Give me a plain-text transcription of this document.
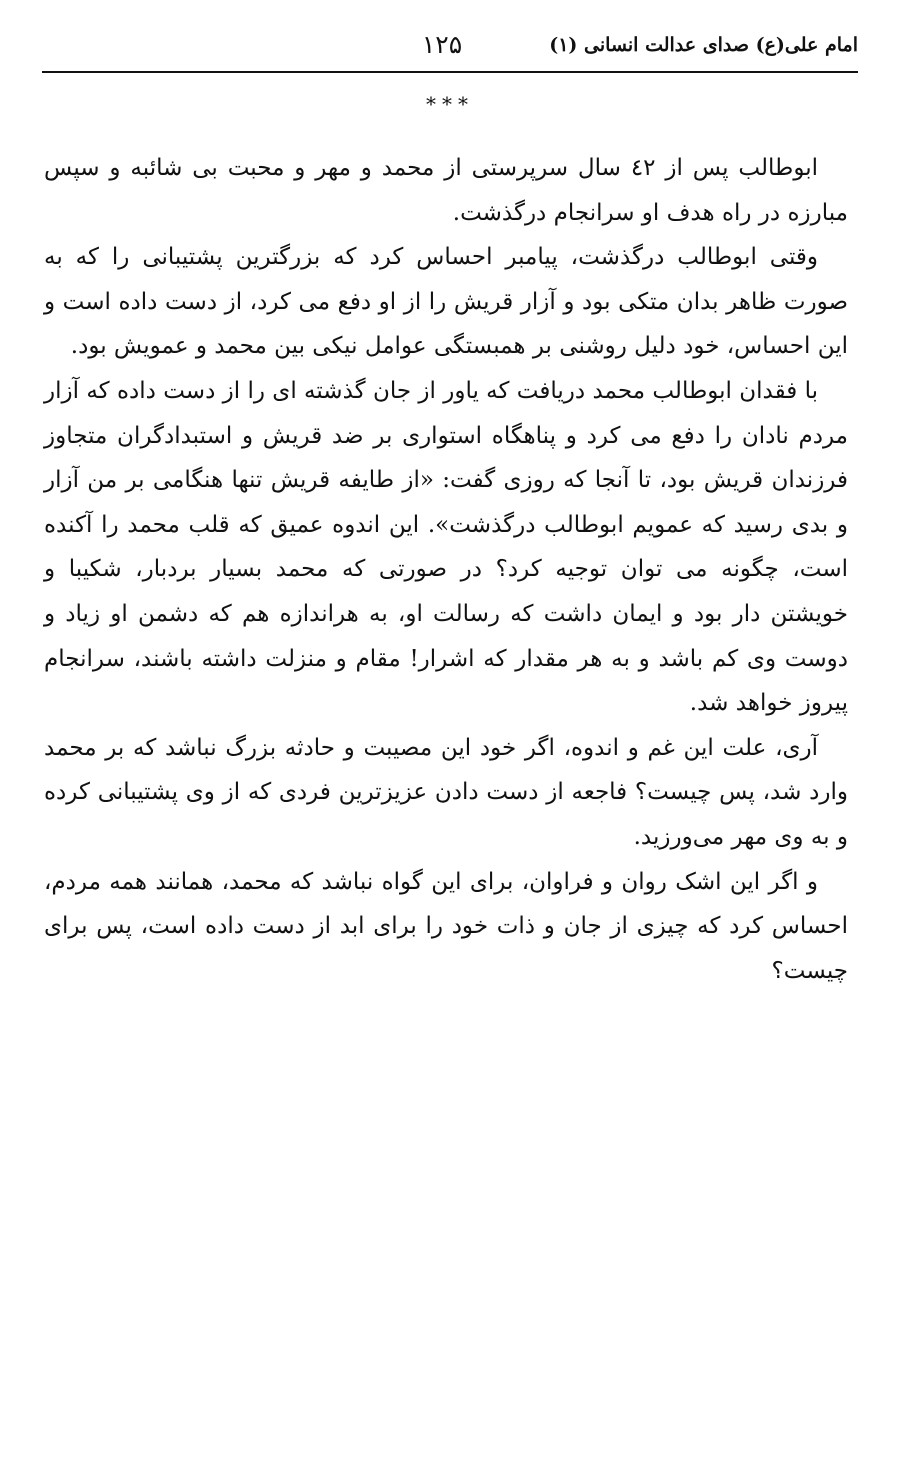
امام علی(ع) صدای عدالت انسانی (۱)
۱۲۵
***

ابوطالب پس از ٤٢ سال سرپرستی از محمد و مهر و محبت بی شائبه و سپس مبارزه در راه هدف او سرانجام درگذشت.

وقتی ابوطالب درگذشت، پیامبر احساس کرد که بزرگترین پشتیبانی را که به صورت ظاهر بدان متکی بود و آزار قریش را از او دفع می کرد، از دست داده است و این احساس، خود دلیل روشنی بر همبستگی عوامل نیکی بین محمد و عمویش بود.

با فقدان ابوطالب محمد دریافت که یاور از جان گذشته ای را از دست داده که آزار مردم نادان را دفع می کرد و پناهگاه استواری بر ضد قریش و استبدادگران متجاوز فرزندان قریش بود، تا آنجا که روزی گفت: «از طایفه قریش تنها هنگامی بر من آزار و بدی رسید که عمویم ابوطالب درگذشت». این اندوه عمیق که قلب محمد را آکنده است، چگونه می توان توجیه کرد؟ در صورتی که محمد بسیار بردبار، شکیبا و خویشتن دار بود و ایمان داشت که رسالت او، به هراندازه هم که دشمن او زیاد و دوست وی کم باشد و به هر مقدار که اشرار! مقام و منزلت داشته باشند، سرانجام پیروز خواهد شد.

آری، علت این غم و اندوه، اگر خود این مصیبت و حادثه بزرگ نباشد که بر محمد وارد شد، پس چیست؟ فاجعه از دست دادن عزیزترین فردی که از وی پشتیبانی کرده و به وی مهر می‌ورزید.

و اگر این اشک روان و فراوان، برای این گواه نباشد که محمد، همانند همه مردم، احساس کرد که چیزی از جان و ذات خود را برای ابد از دست داده است، پس برای چیست؟
